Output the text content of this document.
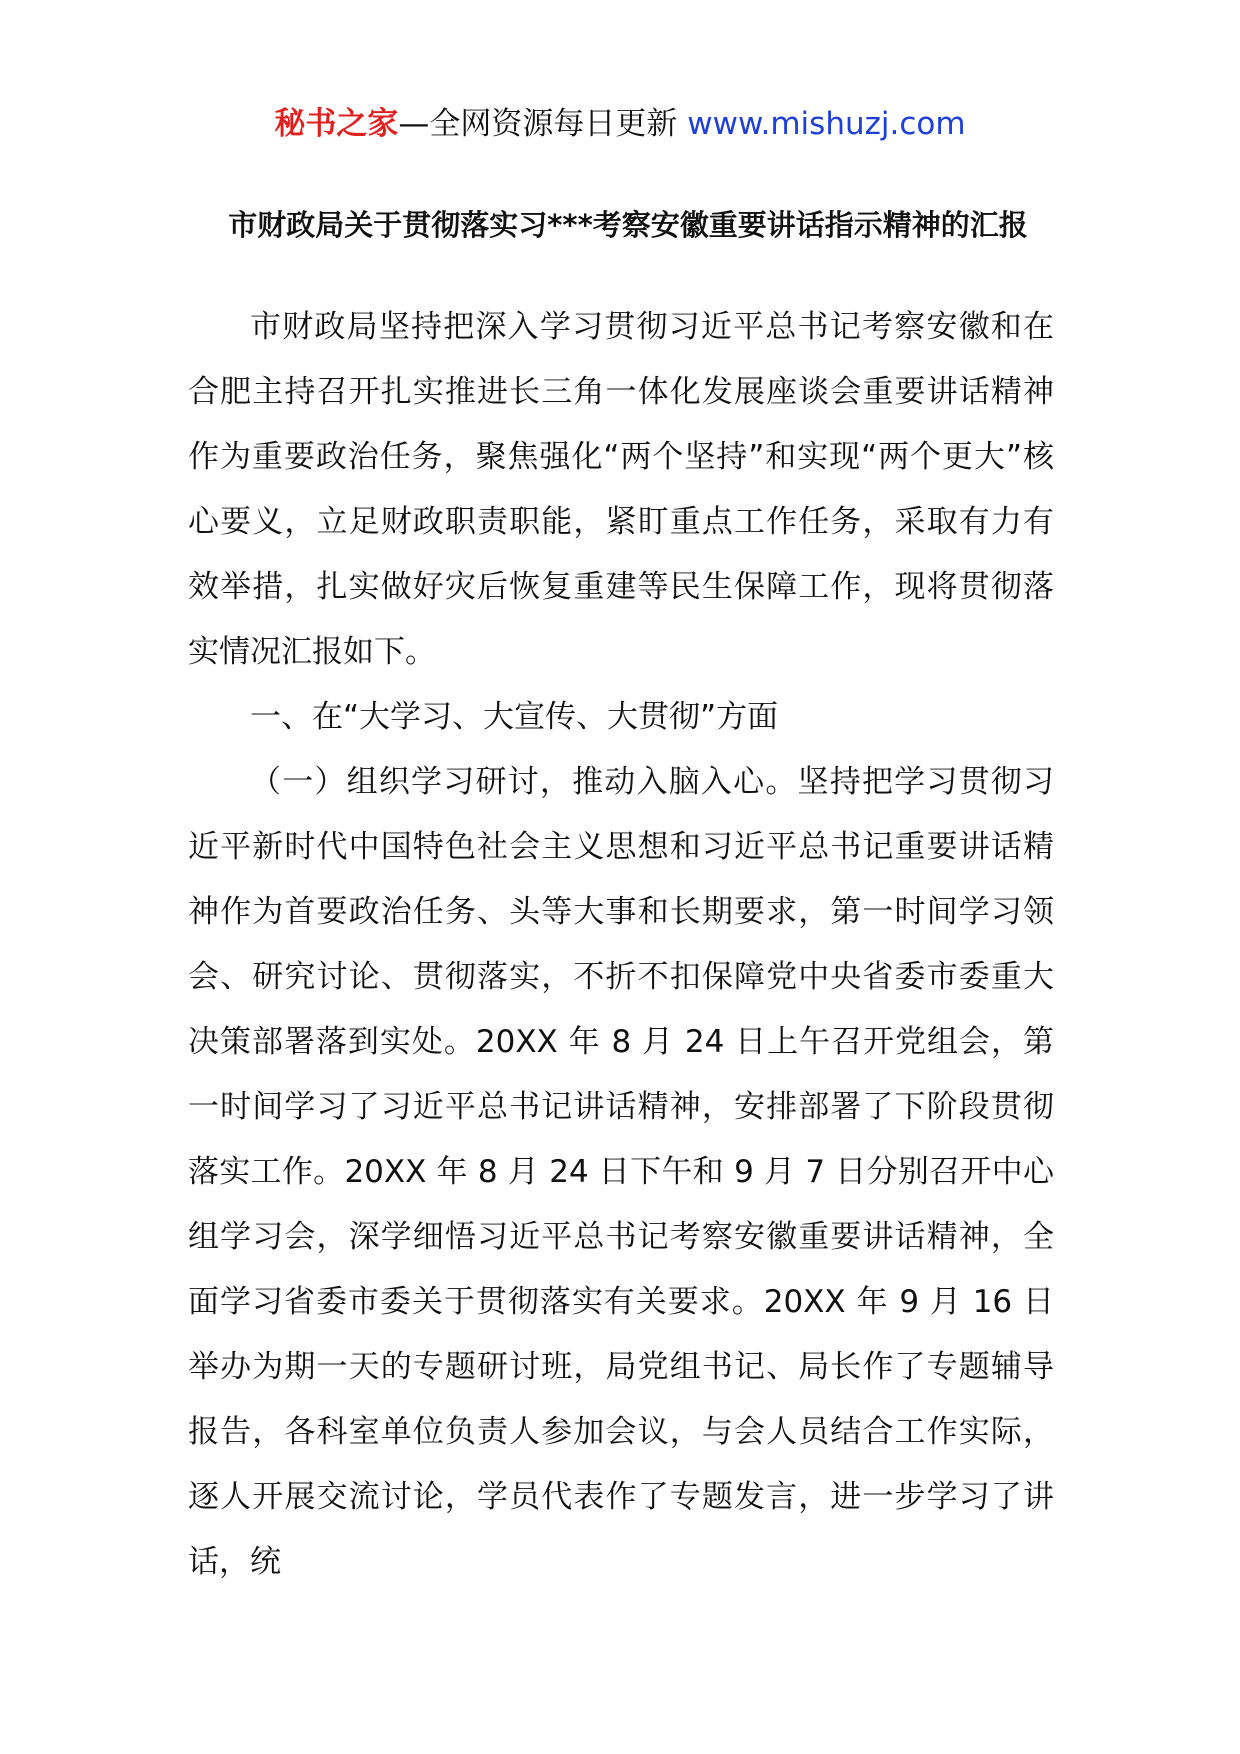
秘书之家—全网资源每日更新 www.mishuzj.com
市财政局关于贯彻落实习***考察安徽重要讲话指示精神的汇报

市财政局坚持把深入学习贯彻习近平总书记考察安徽和在合肥主持召开扎实推进长三角一体化发展座谈会重要讲话精神作为重要政治任务，聚焦强化“两个坚持”和实现“两个更大”核心要义，立足财政职责职能，紧盯重点工作任务，采取有力有效举措，扎实做好灾后恢复重建等民生保障工作，现将贯彻落实情况汇报如下。

一、在“大学习、大宣传、大贯彻”方面

（一）组织学习研讨，推动入脑入心。坚持把学习贯彻习近平新时代中国特色社会主义思想和习近平总书记重要讲话精神作为首要政治任务、头等大事和长期要求，第一时间学习领会、研究讨论、贯彻落实，不折不扣保障党中央省委市委重大决策部署落到实处。20XX 年 8 月 24 日上午召开党组会，第一时间学习了习近平总书记讲话精神，安排部署了下阶段贯彻落实工作。20XX 年 8 月 24 日下午和 9 月 7 日分别召开中心组学习会，深学细悟习近平总书记考察安徽重要讲话精神，全面学习省委市委关于贯彻落实有关要求。20XX 年 9 月 16 日举办为期一天的专题研讨班，局党组书记、局长作了专题辅导报告，各科室单位负责人参加会议，与会人员结合工作实际，逐人开展交流讨论，学员代表作了专题发言，进一步学习了讲话，统
